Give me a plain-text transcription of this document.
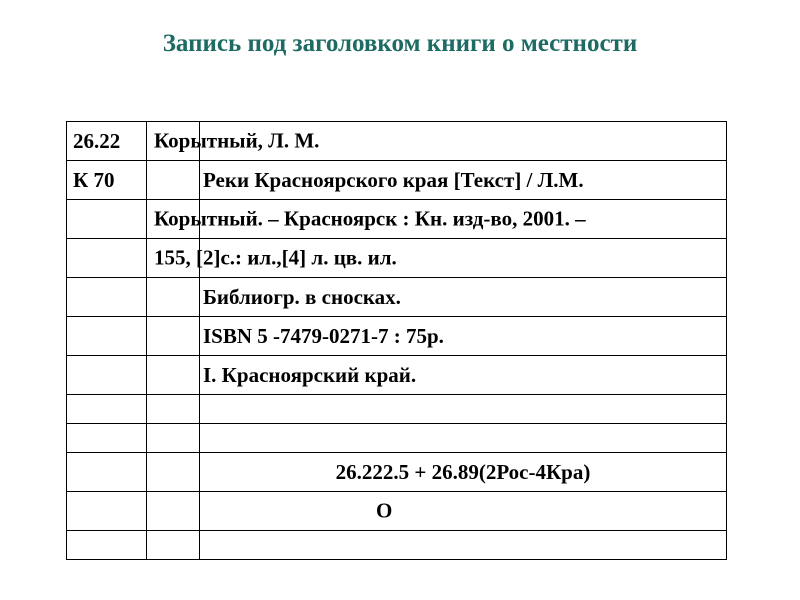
Запись под заголовком книги о местности
26.22	Корытный, Л. М.	

К 70		Реки Красноярского края [Текст] / Л.М.

	Корытный. – Красноярск : Кн. изд-во, 2001. –	

	155, [2]с.: ил.,[4] л. цв. ил.	

		Библиогр. в сносках.
		ISBN 5 -7479-0271-7 : 75р.
		I. Красноярский край.

		26.222.5 + 26.89(2Рос-4Кра)

		О
